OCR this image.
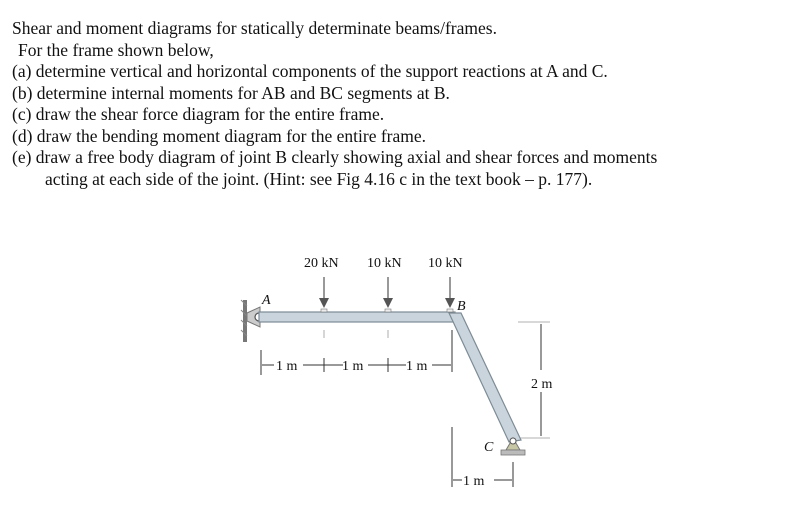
Shear and moment diagrams for statically determinate beams/frames.
For the frame shown below,
(a) determine vertical and horizontal components of the support reactions at A and C.
(b) determine internal moments for AB and BC segments at B.
(c) draw the shear force diagram for the entire frame.
(d) draw the bending moment diagram for the entire frame.
(e) draw a free body diagram of joint B clearly showing axial and shear forces and moments
acting at each side of the joint. (Hint: see Fig 4.16 c in the text book – p. 177).
20 kN 10 kN 10 kN
A	B
C
1 m	1 m	1 m
2 m
1 m
